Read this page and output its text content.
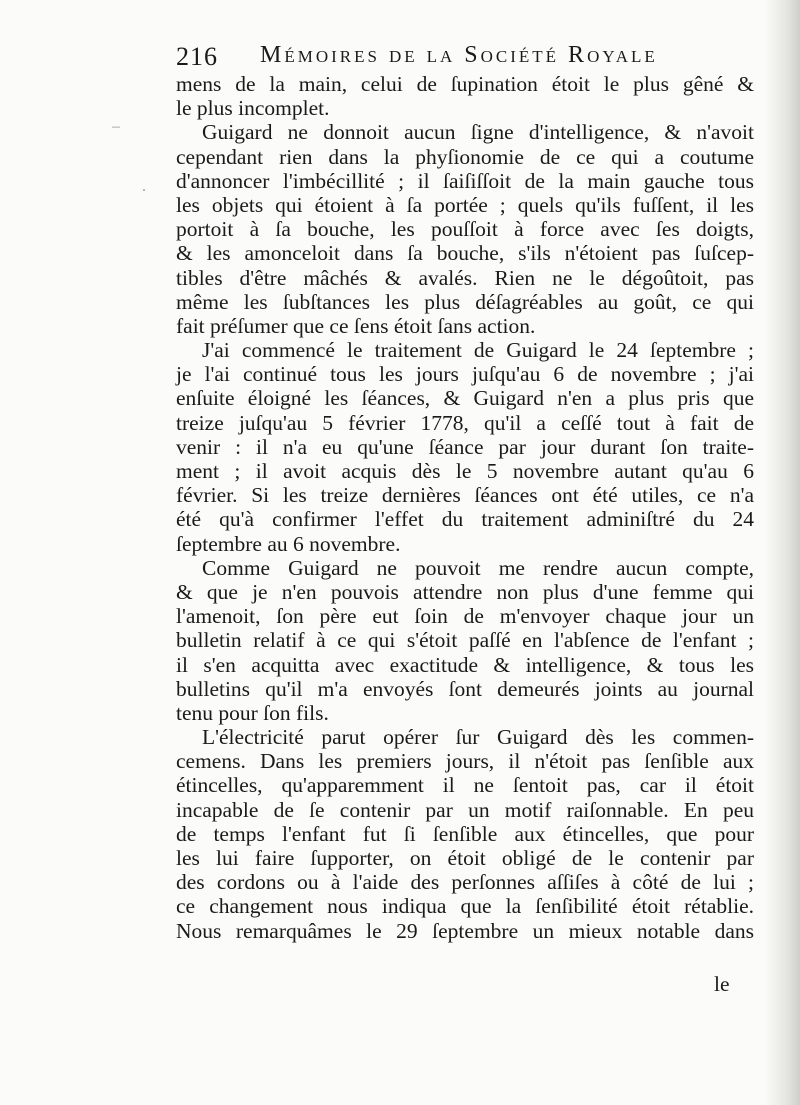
–
.
216 Mémoires de la Société Royale
mens de la main, celui de ſupination étoit le plus gêné &
le plus incomplet.
Guigard ne donnoit aucun ſigne d'intelligence, & n'avoit
cependant rien dans la phyſionomie de ce qui a coutume
d'annoncer l'imbécillité ; il ſaiſiſſoit de la main gauche tous
les objets qui étoient à ſa portée ; quels qu'ils fuſſent, il les
portoit à ſa bouche, les pouſſoit à force avec ſes doigts,
& les amonceloit dans ſa bouche, s'ils n'étoient pas ſuſcep-
tibles d'être mâchés & avalés. Rien ne le dégoûtoit, pas
même les ſubſtances les plus déſagréables au goût, ce qui
fait préſumer que ce ſens étoit ſans action.
J'ai commencé le traitement de Guigard le 24 ſeptembre ;
je l'ai continué tous les jours juſqu'au 6 de novembre ; j'ai
enſuite éloigné les ſéances, & Guigard n'en a plus pris que
treize juſqu'au 5 février 1778, qu'il a ceſſé tout à fait de
venir : il n'a eu qu'une ſéance par jour durant ſon traite-
ment ; il avoit acquis dès le 5 novembre autant qu'au 6
février. Si les treize dernières ſéances ont été utiles, ce n'a
été qu'à confirmer l'effet du traitement adminiſtré du 24
ſeptembre au 6 novembre.
Comme Guigard ne pouvoit me rendre aucun compte,
& que je n'en pouvois attendre non plus d'une femme qui
l'amenoit, ſon père eut ſoin de m'envoyer chaque jour un
bulletin relatif à ce qui s'étoit paſſé en l'abſence de l'enfant ;
il s'en acquitta avec exactitude & intelligence, & tous les
bulletins qu'il m'a envoyés ſont demeurés joints au journal
tenu pour ſon fils.
L'électricité parut opérer ſur Guigard dès les commen-
cemens. Dans les premiers jours, il n'étoit pas ſenſible aux
étincelles, qu'apparemment il ne ſentoit pas, car il étoit
incapable de ſe contenir par un motif raiſonnable. En peu
de temps l'enfant fut ſi ſenſible aux étincelles, que pour
les lui faire ſupporter, on étoit obligé de le contenir par
des cordons ou à l'aide des perſonnes aſſiſes à côté de lui ;
ce changement nous indiqua que la ſenſibilité étoit rétablie.
Nous remarquâmes le 29 ſeptembre un mieux notable dans
le
